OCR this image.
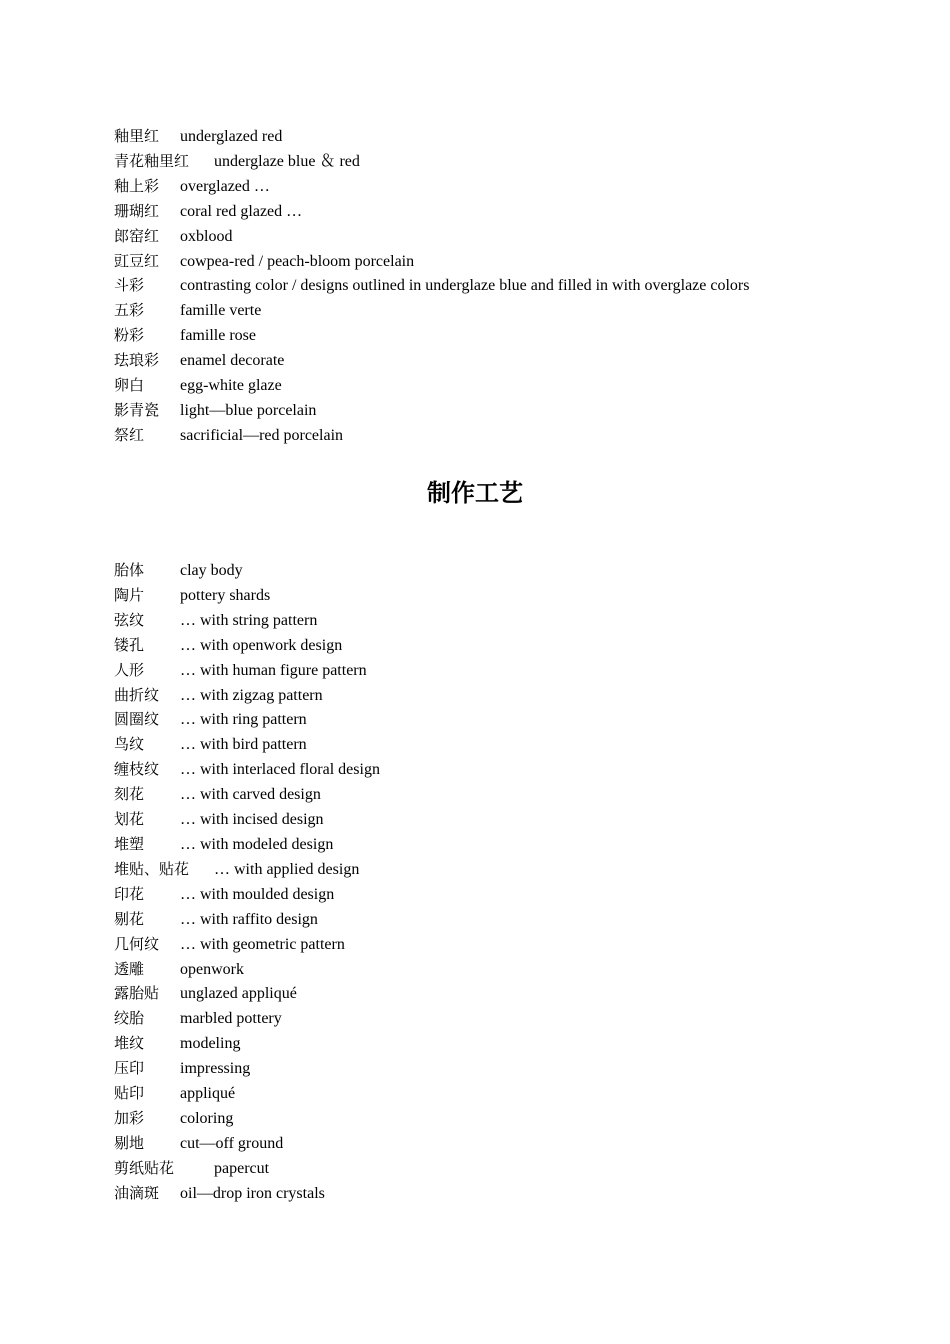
釉里红 underglazed red
青花釉里红 underglaze blue ＆ red
釉上彩 overglazed …
珊瑚红 coral red glazed …
郎窑红 oxblood
豇豆红 cowpea-red / peach-bloom porcelain
斗彩 contrasting color / designs outlined in underglaze blue and filled in with overglaze colors
五彩 famille verte
粉彩 famille rose
珐琅彩 enamel decorate
卵白 egg-white glaze
影青瓷 light—blue porcelain
祭红 sacrificial—red porcelain
制作工艺
胎体 clay body
陶片 pottery shards
弦纹 … with string pattern
镂孔 … with openwork design
人形 … with human figure pattern
曲折纹 … with zigzag pattern
圆圈纹 … with ring pattern
鸟纹 … with bird pattern
缠枝纹 … with interlaced floral design
刻花 … with carved design
划花 … with incised design
堆塑 … with modeled design
堆贴、贴花 … with applied design
印花 … with moulded design
剔花 … with raffito design
几何纹 … with geometric pattern
透雕 openwork
露胎贴 unglazed appliqué
绞胎 marbled pottery
堆纹 modeling
压印 impressing
贴印 appliqué
加彩 coloring
剔地 cut—off ground
剪纸贴花 papercut
油滴斑 oil—drop iron crystals
